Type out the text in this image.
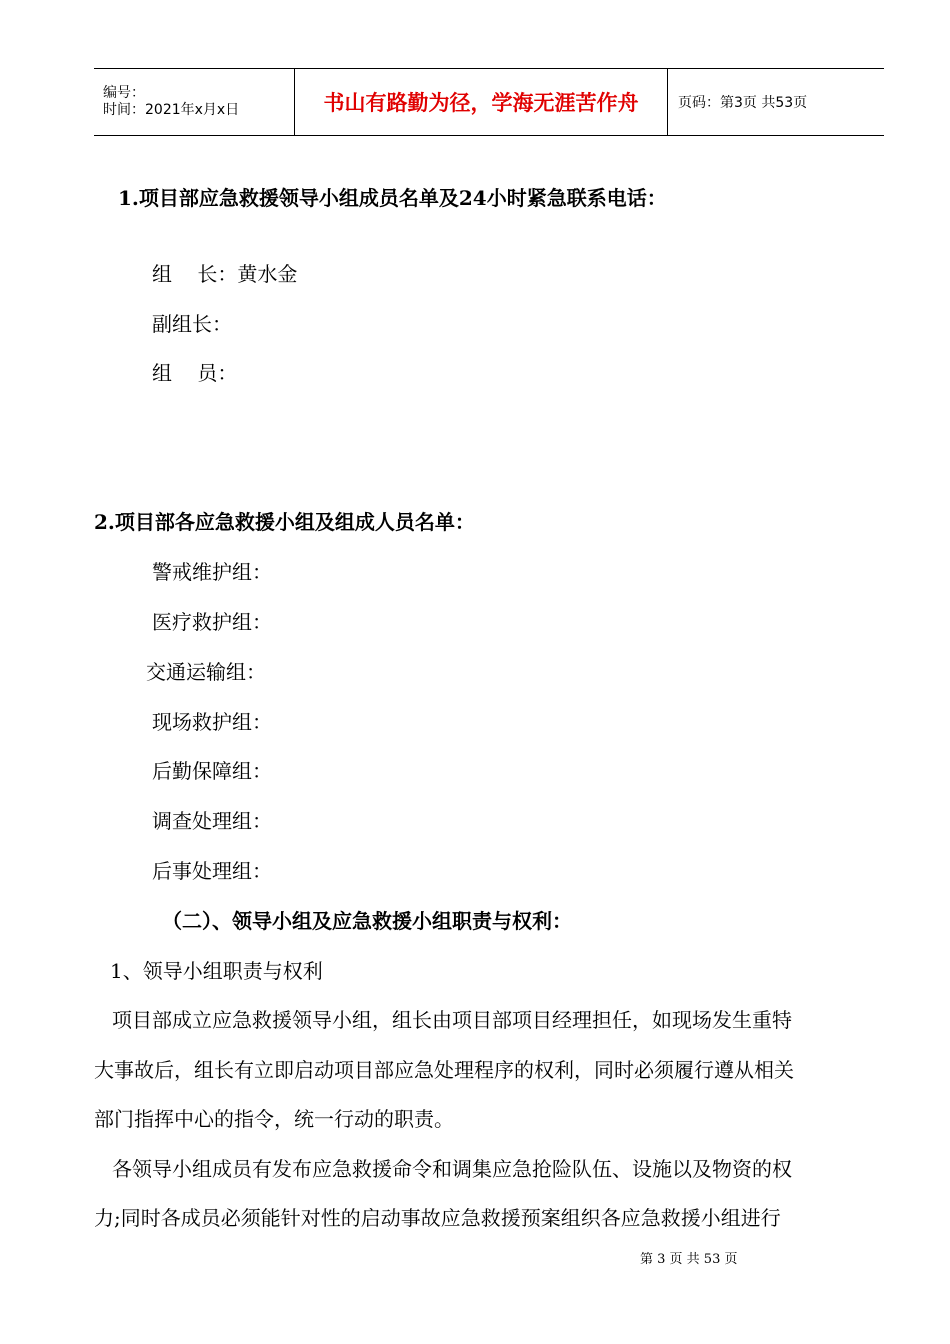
编号：
时间：2021年x月x日	书山有路勤为径，学海无涯苦作舟	页码：第3页 共53页
1.项目部应急救援领导小组成员名单及24小时紧急联系电话：
组    长：黄水金
副组长：
组    员：
2.项目部各应急救援小组及组成人员名单：
警戒维护组：
医疗救护组：
交通运输组：
现场救护组：
后勤保障组：
调查处理组：
后事处理组：
（二）、领导小组及应急救援小组职责与权利：
1、领导小组职责与权利
项目部成立应急救援领导小组，组长由项目部项目经理担任，如现场发生重特
大事故后，组长有立即启动项目部应急处理程序的权利，同时必须履行遵从相关
部门指挥中心的指令，统一行动的职责。
各领导小组成员有发布应急救援命令和调集应急抢险队伍、设施以及物资的权
力;同时各成员必须能针对性的启动事故应急救援预案组织各应急救援小组进行
第 3 页 共 53 页
